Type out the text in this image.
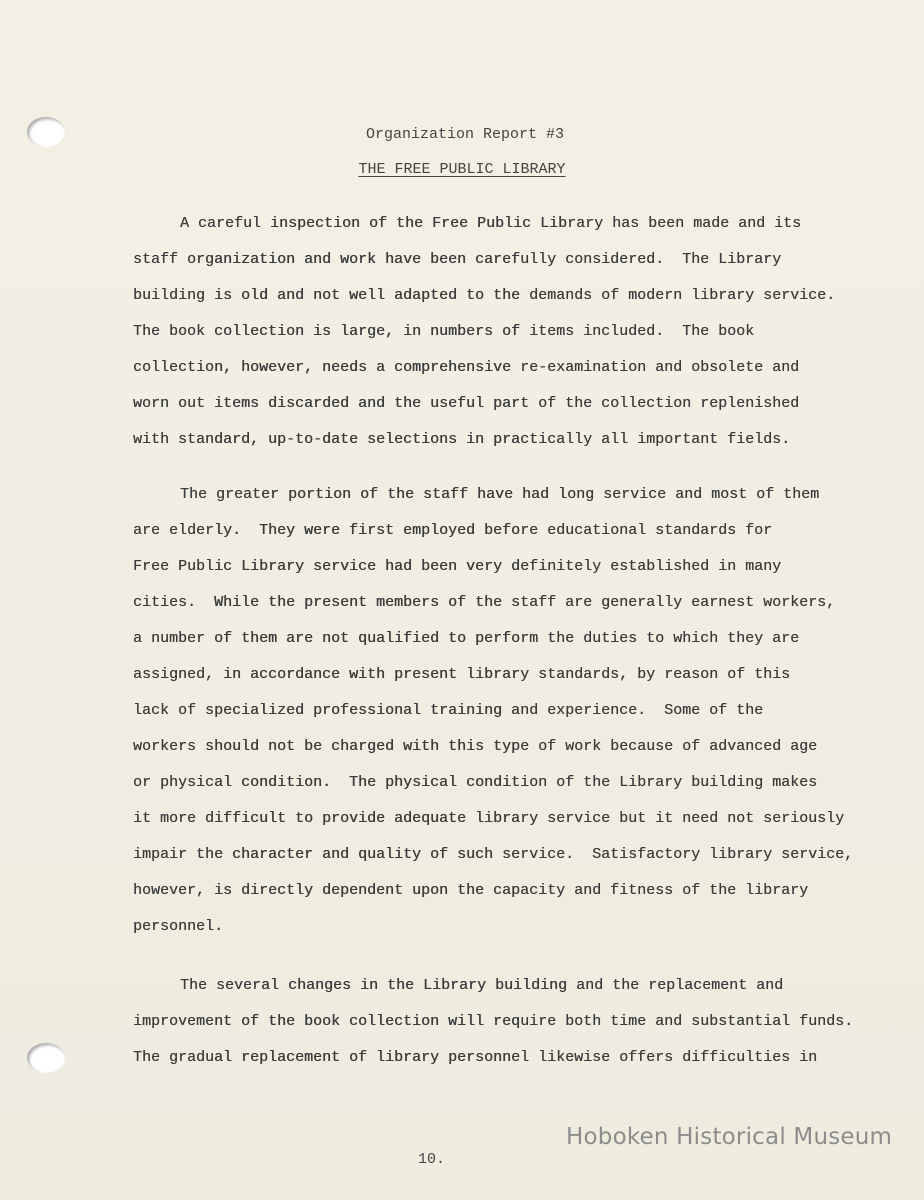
Organization Report #3
THE FREE PUBLIC LIBRARY
A careful inspection of the Free Public Library has been made and its
staff organization and work have been carefully considered.  The Library
building is old and not well adapted to the demands of modern library service.
The book collection is large, in numbers of items included.  The book
collection, however, needs a comprehensive re-examination and obsolete and
worn out items discarded and the useful part of the collection replenished
with standard, up-to-date selections in practically all important fields.
The greater portion of the staff have had long service and most of them
are elderly.  They were first employed before educational standards for
Free Public Library service had been very definitely established in many
cities.  While the present members of the staff are generally earnest workers,
a number of them are not qualified to perform the duties to which they are
assigned, in accordance with present library standards, by reason of this
lack of specialized professional training and experience.  Some of the
workers should not be charged with this type of work because of advanced age
or physical condition.  The physical condition of the Library building makes
it more difficult to provide adequate library service but it need not seriously
impair the character and quality of such service.  Satisfactory library service,
however, is directly dependent upon the capacity and fitness of the library
personnel.
The several changes in the Library building and the replacement and
improvement of the book collection will require both time and substantial funds.
The gradual replacement of library personnel likewise offers difficulties in
Hoboken Historical Museum
10.
